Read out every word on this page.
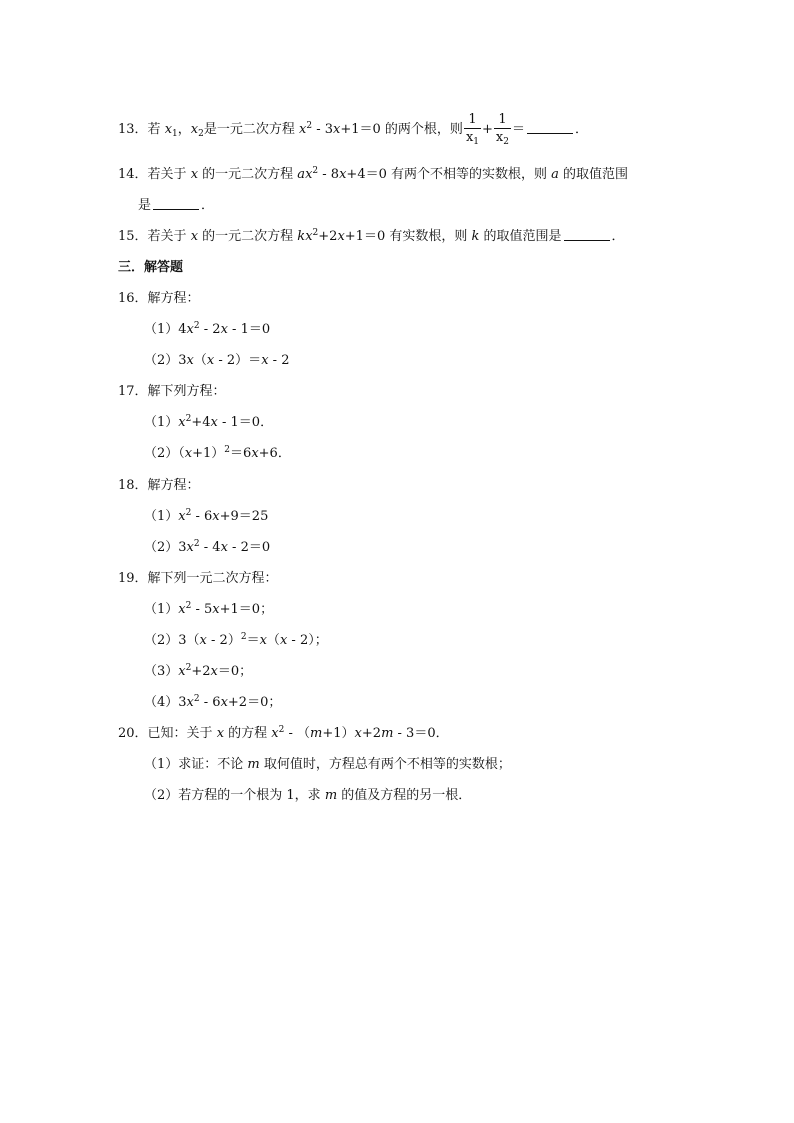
13．若 $x_1$，$x_2$是一元二次方程 $x^2 - 3x+1=0$ 的两个根，则 $\frac{1}{x_1} + \frac{1}{x_2}$ ＝	．
14．若关于 x 的一元二次方程 $ax^2 - 8x+4=0$ 有两个不相等的实数根，则 a 的取值范围
是	．
15．若关于 x 的一元二次方程 $kx^2+2x+1=0$ 有实数根，则 k 的取值范围是	．
三．解答题
16．解方程：
$(1)4x^2 - 2x - 1=0$
（2）3x（x - 2）＝x - 2
17．解下列方程：
$(1)x^2+4x - 1=0$．
$(2)(x+1)^2=6x+6$．
18．解方程：
$(1)x^2 - 6x+9=25$
$(2)3x^2 - 4x - 2=0$
19．解下列一元二次方程：
$(1)x^2 - 5x+1=0$；
（2）3（x - 2）$^2$＝x（x - 2）；
$(3)x^2+2x=0$；
$(4)3x^2 - 6x+2=0$；
20．已知：关于 x 的方程 $x^2 - (m+1)x+2m - 3=0$．
（1）求证：不论 m 取何值时，方程总有两个不相等的实数根；
（2）若方程的一个根为 1，求 m 的值及方程的另一根．
